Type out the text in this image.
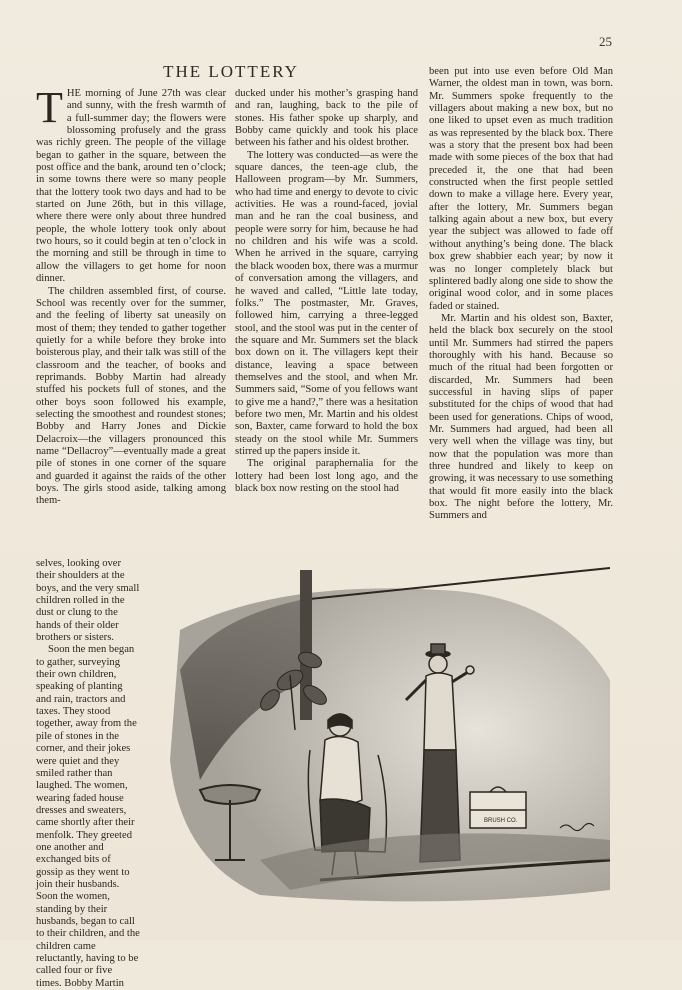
25
THE LOTTERY

THE morning of June 27th was clear and sunny, with the fresh warmth of a full-summer day; the flowers were blossoming profusely and the grass was richly green. The people of the village began to gather in the square, between the post office and the bank, around ten o’clock; in some towns there were so many people that the lottery took two days and had to be started on June 26th, but in this village, where there were only about three hundred people, the whole lottery took only about two hours, so it could begin at ten o’clock in the morning and still be through in time to allow the villagers to get home for noon dinner.

The children assembled first, of course. School was recently over for the summer, and the feeling of liberty sat uneasily on most of them; they tended to gather together quietly for a while before they broke into boisterous play, and their talk was still of the classroom and the teacher, of books and reprimands. Bobby Martin had already stuffed his pockets full of stones, and the other boys soon followed his example, selecting the smoothest and roundest stones; Bobby and Harry Jones and Dickie Delacroix—the villagers pronounced this name “Dellacroy”—eventually made a great pile of stones in one corner of the square and guarded it against the raids of the other boys. The girls stood aside, talking among them-

selves, looking over their shoulders at the boys, and the very small children rolled in the dust or clung to the hands of their older brothers or sisters.

Soon the men began to gather, surveying their own children, speaking of planting and rain, tractors and taxes. They stood together, away from the pile of stones in the corner, and their jokes were quiet and they smiled rather than laughed. The women, wearing faded house dresses and sweaters, came shortly after their menfolk. They greeted one another and exchanged bits of gossip as they went to join their husbands. Soon the women, standing by their husbands, began to call to their children, and the children came reluctantly, having to be called four or five times. Bobby Martin

ducked under his mother’s grasping hand and ran, laughing, back to the pile of stones. His father spoke up sharply, and Bobby came quickly and took his place between his father and his oldest brother.

The lottery was conducted—as were the square dances, the teen-age club, the Halloween program—by Mr. Summers, who had time and energy to devote to civic activities. He was a round-faced, jovial man and he ran the coal business, and people were sorry for him, because he had no children and his wife was a scold. When he arrived in the square, carrying the black wooden box, there was a murmur of conversation among the villagers, and he waved and called, “Little late today, folks.” The postmaster, Mr. Graves, followed him, carrying a three-legged stool, and the stool was put in the center of the square and Mr. Summers set the black box down on it. The villagers kept their distance, leaving a space between themselves and the stool, and when Mr. Summers said, “Some of you fellows want to give me a hand?,” there was a hesitation before two men, Mr. Martin and his oldest son, Baxter, came forward to hold the box steady on the stool while Mr. Summers stirred up the papers inside it.

The original paraphernalia for the lottery had been lost long ago, and the black box now resting on the stool had

been put into use even before Old Man Warner, the oldest man in town, was born. Mr. Summers spoke frequently to the villagers about making a new box, but no one liked to upset even as much tradition as was represented by the black box. There was a story that the present box had been made with some pieces of the box that had preceded it, the one that had been constructed when the first people settled down to make a village here. Every year, after the lottery, Mr. Summers began talking again about a new box, but every year the subject was allowed to fade off without anything’s being done. The black box grew shabbier each year; by now it was no longer completely black but splintered badly along one side to show the original wood color, and in some places faded or stained.

Mr. Martin and his oldest son, Baxter, held the black box securely on the stool until Mr. Summers had stirred the papers thoroughly with his hand. Because so much of the ritual had been forgotten or discarded, Mr. Summers had been successful in having slips of paper substituted for the chips of wood that had been used for generations. Chips of wood, Mr. Summers had argued, had been all very well when the village was tiny, but now that the population was more than three hundred and likely to keep on growing, it was necessary to use something that would fit more easily into the black box. The night before the lottery, Mr. Summers and

BRUSH CO.
